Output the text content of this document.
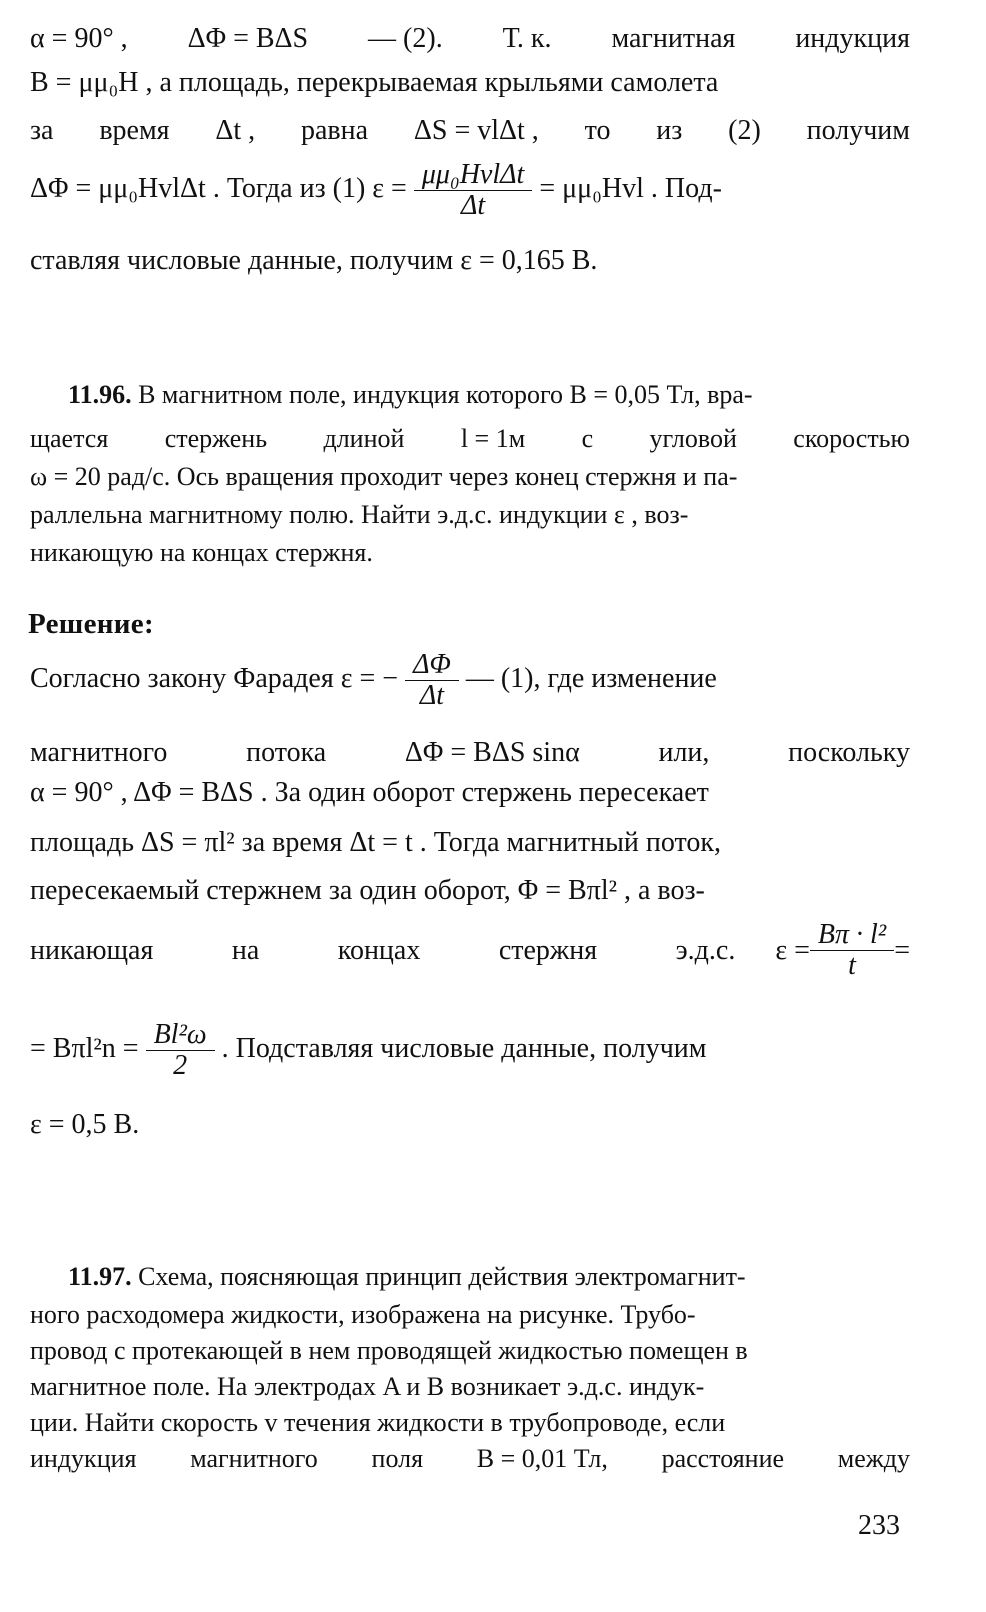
α = 90° , ΔΦ = BΔS — (2). Т. к. магнитная индукция
B = μμ₀H , а площадь, перекрываемая крыльями самолета
за время Δt , равна ΔS = vlΔt , то из (2) получим
ΔΦ = μμ₀HvlΔt . Тогда из (1) $\varepsilon = \frac{\text{μμ₀HvlΔt}}{\Delta t} = \mu\mu_0Hvl$ . Под-
ставляя числовые данные, получим ε = 0,165 В.
11.96. В магнитном поле, индукция которого B = 0,05 Тл, вра-
щается стержень длиной l = 1м с угловой скоростью
ω = 20 рад/с. Ось вращения проходит через конец стержня и па-
раллельна магнитному полю. Найти э.д.с. индукции ε , воз-
никающую на концах стержня.
Решение:
Согласно закону Фарадея ε = − $\frac{\Delta\Phi}{\Delta t}$ — (1), где изменение
магнитного	потока	ΔΦ = BΔS sinα	или,	поскольку
α = 90° , ΔΦ = BΔS . За один оборот стержень пересекает
площадь ΔS = πl² за время Δt = t . Тогда магнитный поток,
пересекаемый стержнем за один оборот, Φ = Bπl² , а воз-
никающая	на	концах	стержня	э.д.с. $\varepsilon = \frac{\text{Bπ · l²}}{t}$ =
= $B\pi l^2n = \frac{\text{Bl²ω}}{2}$ . Подставляя числовые данные, получим
ε = 0,5 В.
11.97. Схема, поясняющая принцип действия электромагнит-
ного расходомера жидкости, изображена на рисунке. Трубо-
провод с протекающей в нем проводящей жидкостью помещен в
магнитное поле. На электродах A и B возникает э.д.с. индук-
ции. Найти скорость v течения жидкости в трубопроводе, если
индукция магнитного поля B = 0,01 Тл, расстояние между
233
